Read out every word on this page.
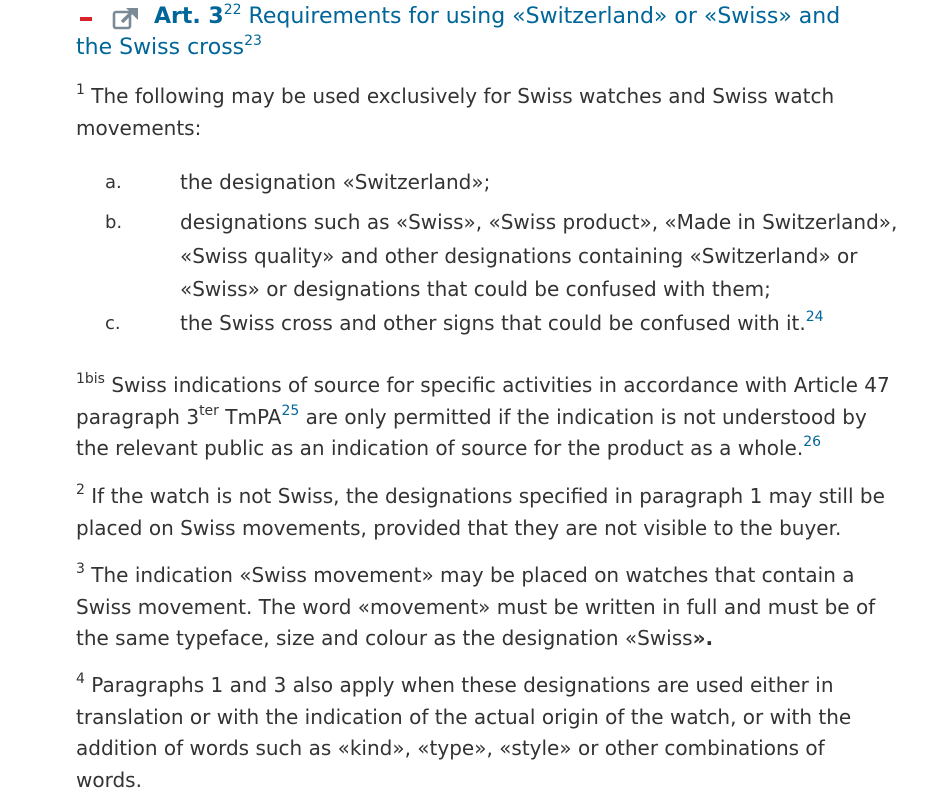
Art. 3$^{22}$ Requirements for using «Switzerland» or «Swiss» and
the Swiss cross$^{23}$
$^1$ The following may be used exclusively for Swiss watches and Swiss watch
movements:
a.	the designation «Switzerland»;
b.	designations such as «Swiss», «Swiss product», «Made in Switzerland»,
«Swiss quality» and other designations containing «Switzerland» or
«Swiss» or designations that could be confused with them;
c.	the Swiss cross and other signs that could be confused with it.$^{24}$
$^{1bis}$ Swiss indications of source for specific activities in accordance with Article 47
paragraph $3^{ter}$ TmPA$^{25}$ are only permitted if the indication is not understood by
the relevant public as an indication of source for the product as a whole.$^{26}$
$^2$ If the watch is not Swiss, the designations specified in paragraph 1 may still be
placed on Swiss movements, provided that they are not visible to the buyer.
$^3$ The indication «Swiss movement» may be placed on watches that contain a
Swiss movement. The word «movement» must be written in full and must be of
the same typeface, size and colour as the designation «Swiss».
$^4$ Paragraphs 1 and 3 also apply when these designations are used either in
translation or with the indication of the actual origin of the watch, or with the
addition of words such as «kind», «type», «style» or other combinations of
words.
